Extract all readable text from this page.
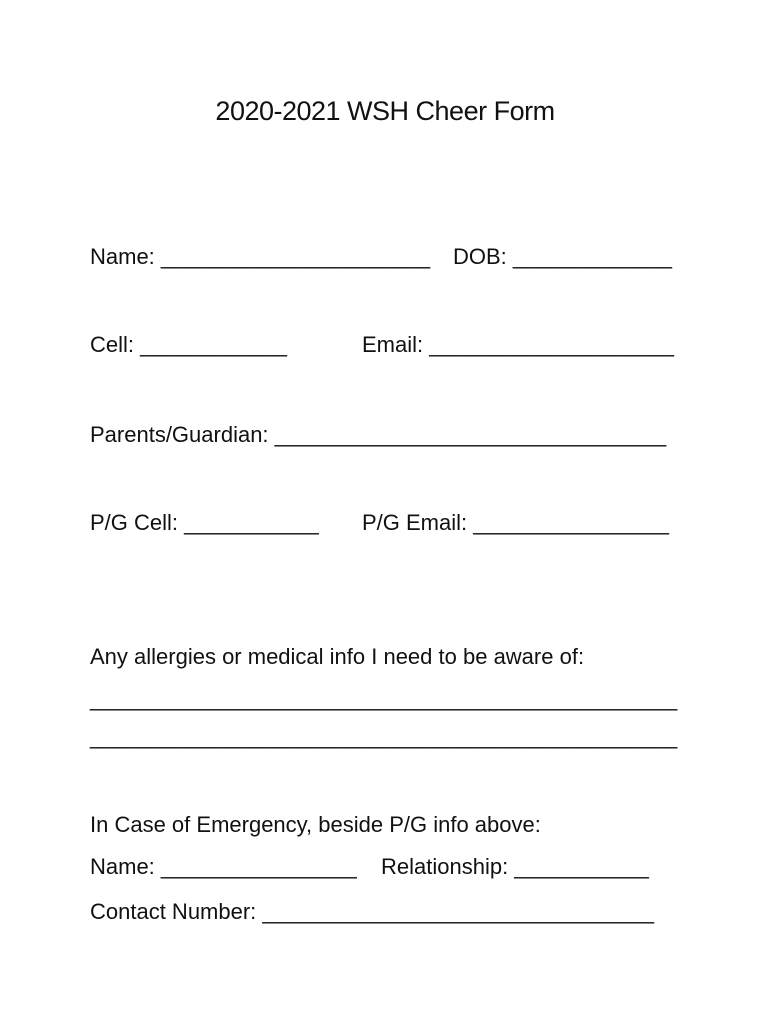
2020-2021 WSH Cheer Form
Name: ______________________ DOB: _____________
Cell: ____________	Email: ____________________
Parents/Guardian: ________________________________
P/G Cell: ___________ P/G Email: ________________
Any allergies or medical info I need to be aware of:
________________________________________________
________________________________________________
In Case of Emergency, beside P/G info above:
Name: ________________ Relationship: ___________
Contact Number: ________________________________
